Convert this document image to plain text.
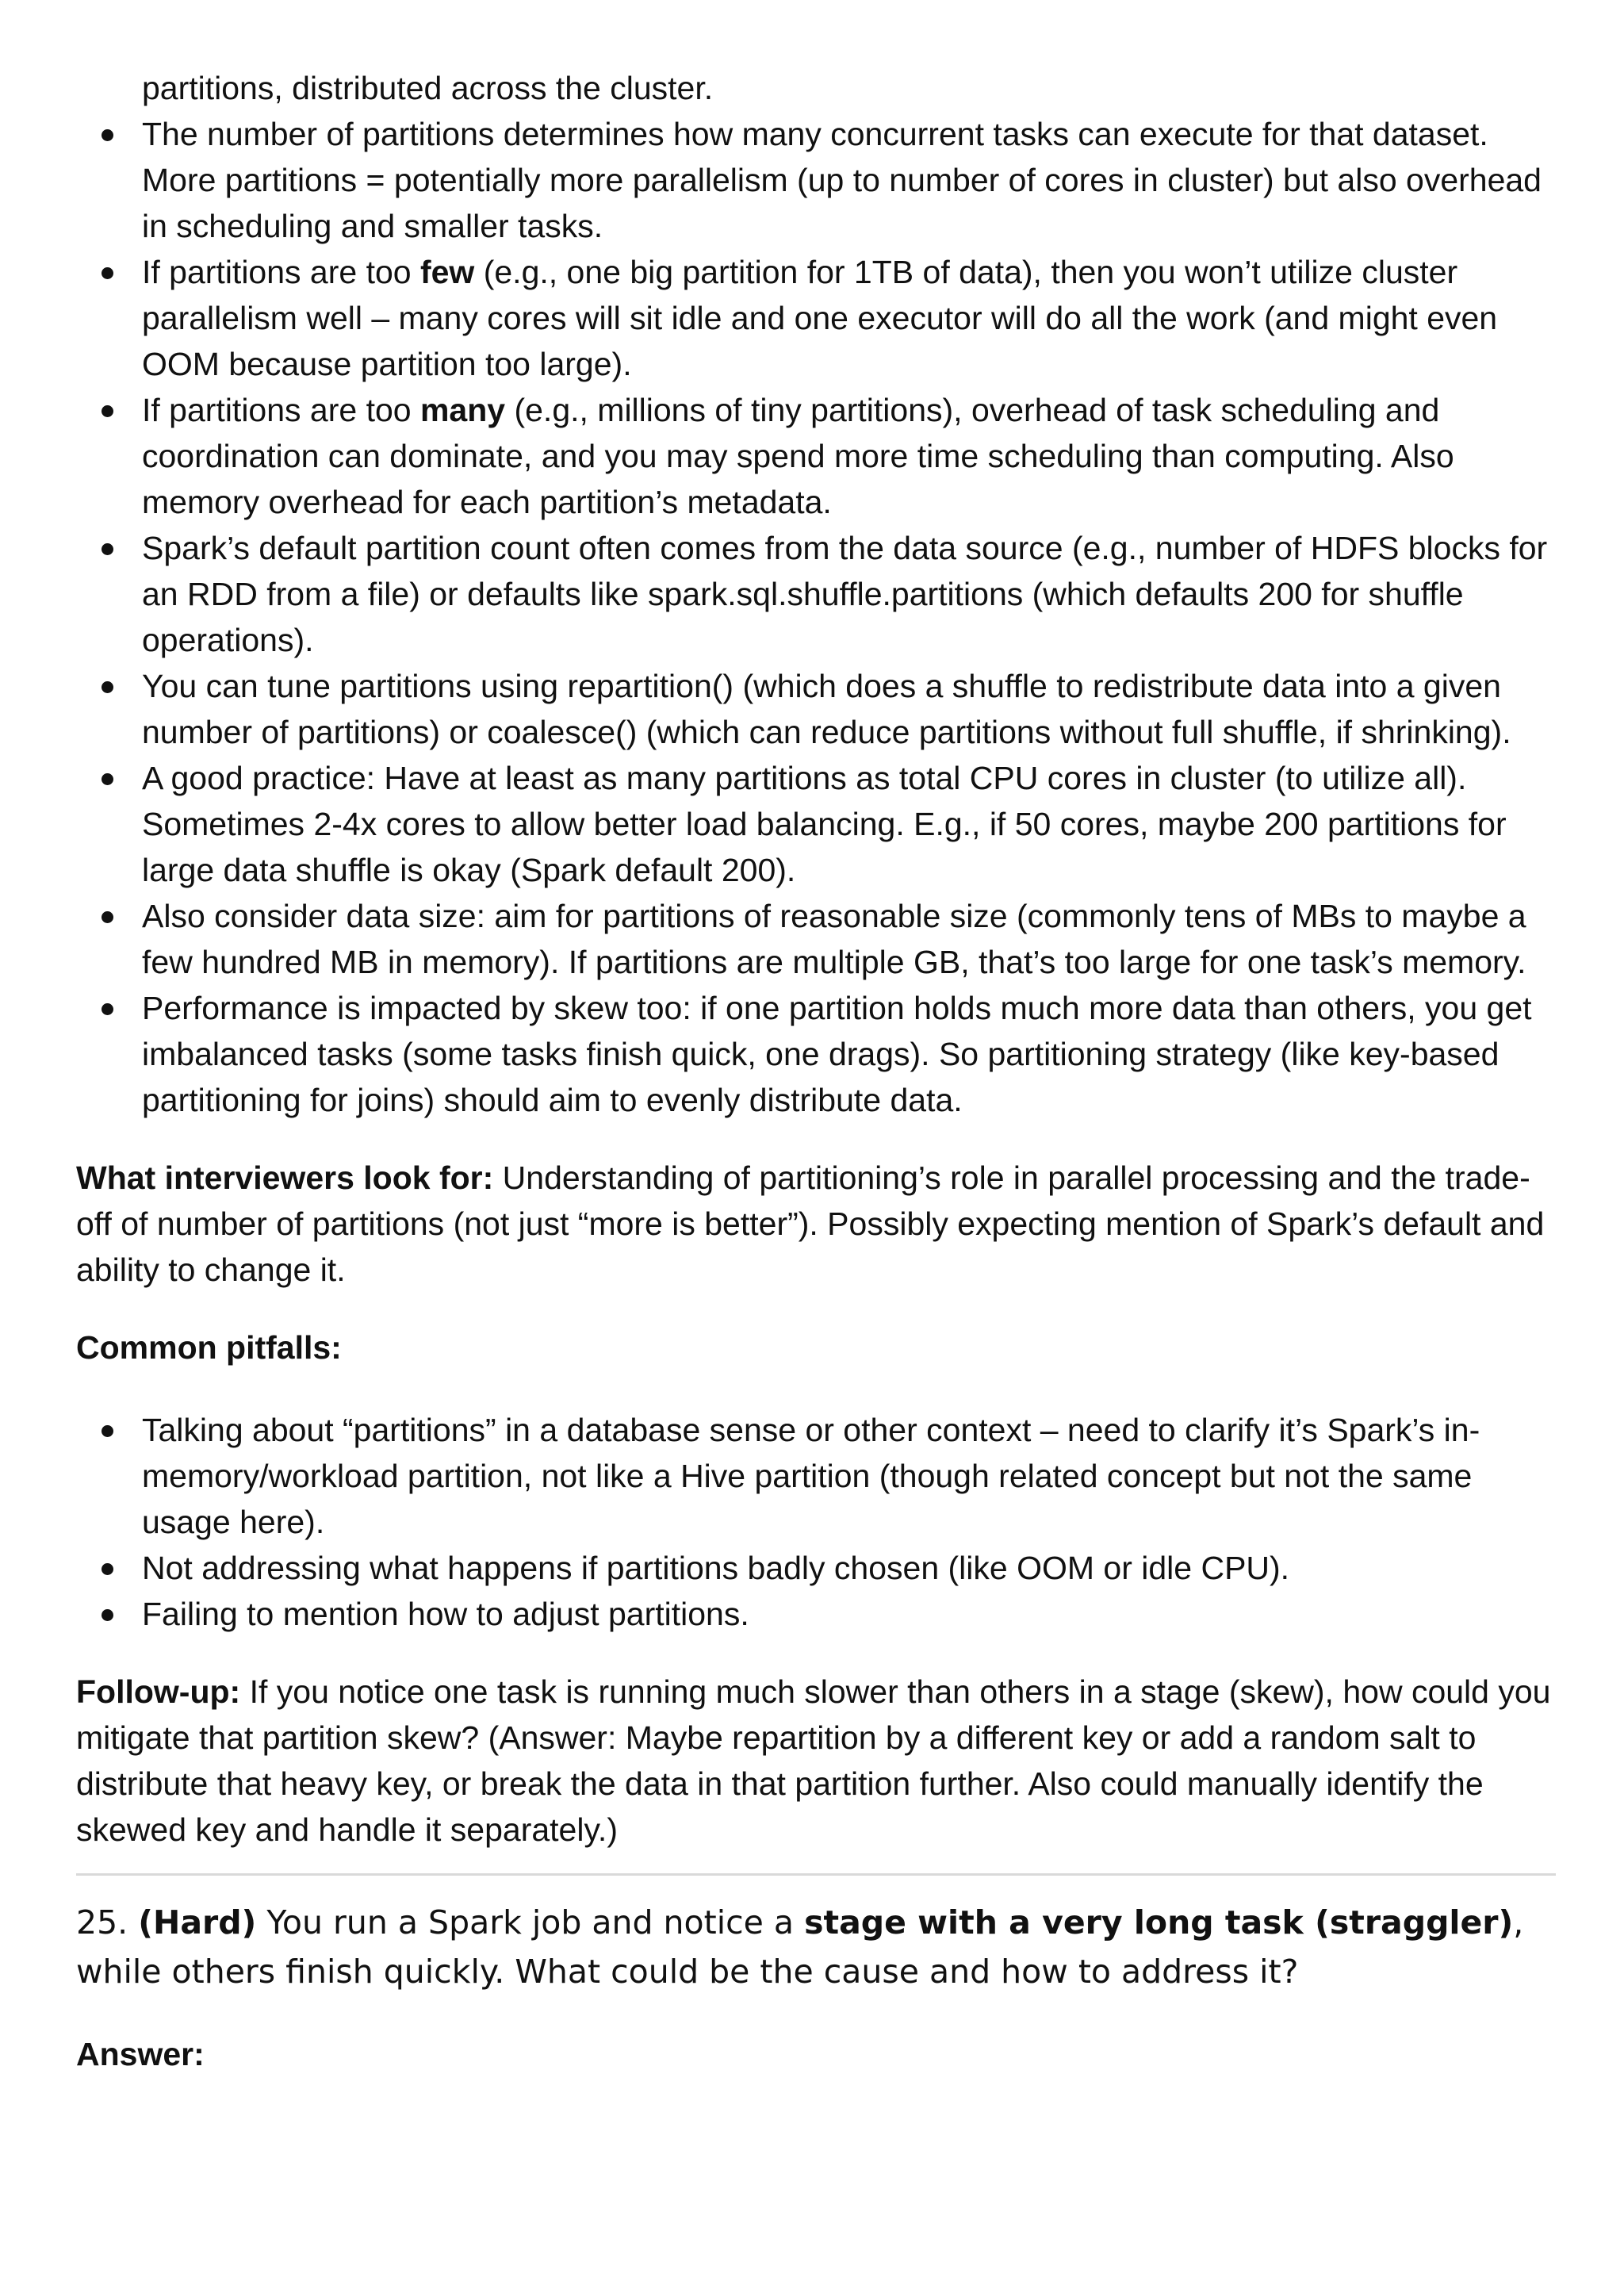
partitions, distributed across the cluster.

The number of partitions determines how many concurrent tasks can execute for that dataset. More partitions = potentially more parallelism (up to number of cores in cluster) but also overhead in scheduling and smaller tasks.
If partitions are too few (e.g., one big partition for 1TB of data), then you won’t utilize cluster parallelism well – many cores will sit idle and one executor will do all the work (and might even OOM because partition too large).
If partitions are too many (e.g., millions of tiny partitions), overhead of task scheduling and coordination can dominate, and you may spend more time scheduling than computing. Also memory overhead for each partition’s metadata.
Spark’s default partition count often comes from the data source (e.g., number of HDFS blocks for an RDD from a file) or defaults like spark.sql.shuffle.partitions (which defaults 200 for shuffle operations).
You can tune partitions using repartition() (which does a shuffle to redistribute data into a given number of partitions) or coalesce() (which can reduce partitions without full shuffle, if shrinking).
A good practice: Have at least as many partitions as total CPU cores in cluster (to utilize all). Sometimes 2-4x cores to allow better load balancing. E.g., if 50 cores, maybe 200 partitions for large data shuffle is okay (Spark default 200).
Also consider data size: aim for partitions of reasonable size (commonly tens of MBs to maybe a few hundred MB in memory). If partitions are multiple GB, that’s too large for one task’s memory.
Performance is impacted by skew too: if one partition holds much more data than others, you get imbalanced tasks (some tasks finish quick, one drags). So partitioning strategy (like key-based partitioning for joins) should aim to evenly distribute data.

What interviewers look for: Understanding of partitioning’s role in parallel processing and the trade-off of number of partitions (not just “more is better”). Possibly expecting mention of Spark’s default and ability to change it.

Common pitfalls:

Talking about “partitions” in a database sense or other context – need to clarify it’s Spark’s in-memory/workload partition, not like a Hive partition (though related concept but not the same usage here).
Not addressing what happens if partitions badly chosen (like OOM or idle CPU).
Failing to mention how to adjust partitions.

Follow-up: If you notice one task is running much slower than others in a stage (skew), how could you mitigate that partition skew? (Answer: Maybe repartition by a different key or add a random salt to distribute that heavy key, or break the data in that partition further. Also could manually identify the skewed key and handle it separately.)

25. (Hard) You run a Spark job and notice a stage with a very long task (straggler), while others finish quickly. What could be the cause and how to address it?

Answer:
